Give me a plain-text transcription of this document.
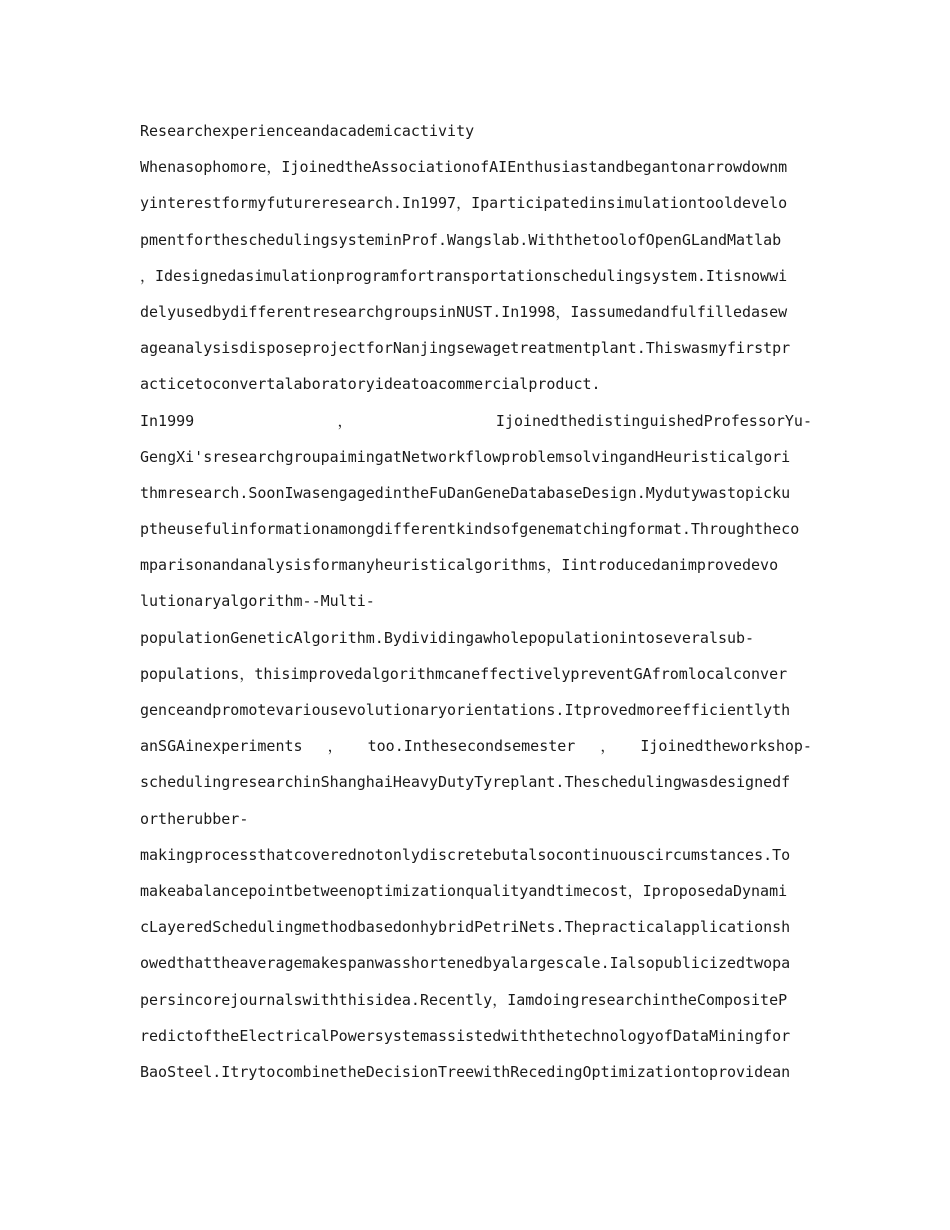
Researchexperienceandacademicactivity
Whenasophomore，IjoinedtheAssociationofAIEnthusiastandbegantonarrowdownm
yinterestformyfutureresearch.In1997，Iparticipatedinsimulationtooldevelo
pmentfortheschedulingsysteminProf.Wangslab.WiththetoolofOpenGLandMatlab
，Idesignedasimulationprogramfortransportationschedulingsystem.Itisnowwi
delyusedbydifferentresearchgroupsinNUST.In1998，Iassumedandfulfilledasew
ageanalysisdisposeprojectforNanjingsewagetreatmentplant.Thiswasmyfirstpr
acticetoconvertalaboratoryideatoacommercialproduct.
In1999	，	IjoinedthedistinguishedProfessorYu-
GengXi'sresearchgroupaimingatNetworkflowproblemsolvingandHeuristicalgori
thmresearch.SoonIwasengagedintheFuDanGeneDatabaseDesign.Mydutywastopicku
ptheusefulinformationamongdifferentkindsofgenematchingformat.Throughtheco
mparisonandanalysisformanyheuristicalgorithms，Iintroducedanimprovedevo
lutionaryalgorithm--Multi-
populationGeneticAlgorithm.Bydividingawholepopulationintoseveralsub-
populations，thisimprovedalgorithmcaneffectivelypreventGAfromlocalconver
genceandpromotevariousevolutionaryorientations.Itprovedmoreefficientlyth
anSGAinexperiments ， too.Inthesecondsemester ， Ijoinedtheworkshop-
schedulingresearchinShanghaiHeavyDutyTyreplant.Theschedulingwasdesignedf
ortherubber-
makingprocessthatcoverednotonlydiscretebutalsocontinuouscircumstances.To
makeabalancepointbetweenoptimizationqualityandtimecost，IproposedaDynami
cLayeredSchedulingmethodbasedonhybridPetriNets.Thepracticalapplicationsh
owedthattheaveragemakespanwasshortenedbyalargescale.Ialsopublicizedtwopa
persincorejournalswiththisidea.Recently，IamdoingresearchintheCompositeP
redictoftheElectricalPowersystemassistedwiththetechnologyofDataMiningfor
BaoSteel.ItrytocombinetheDecisionTreewithRecedingOptimizationtoprovidean
